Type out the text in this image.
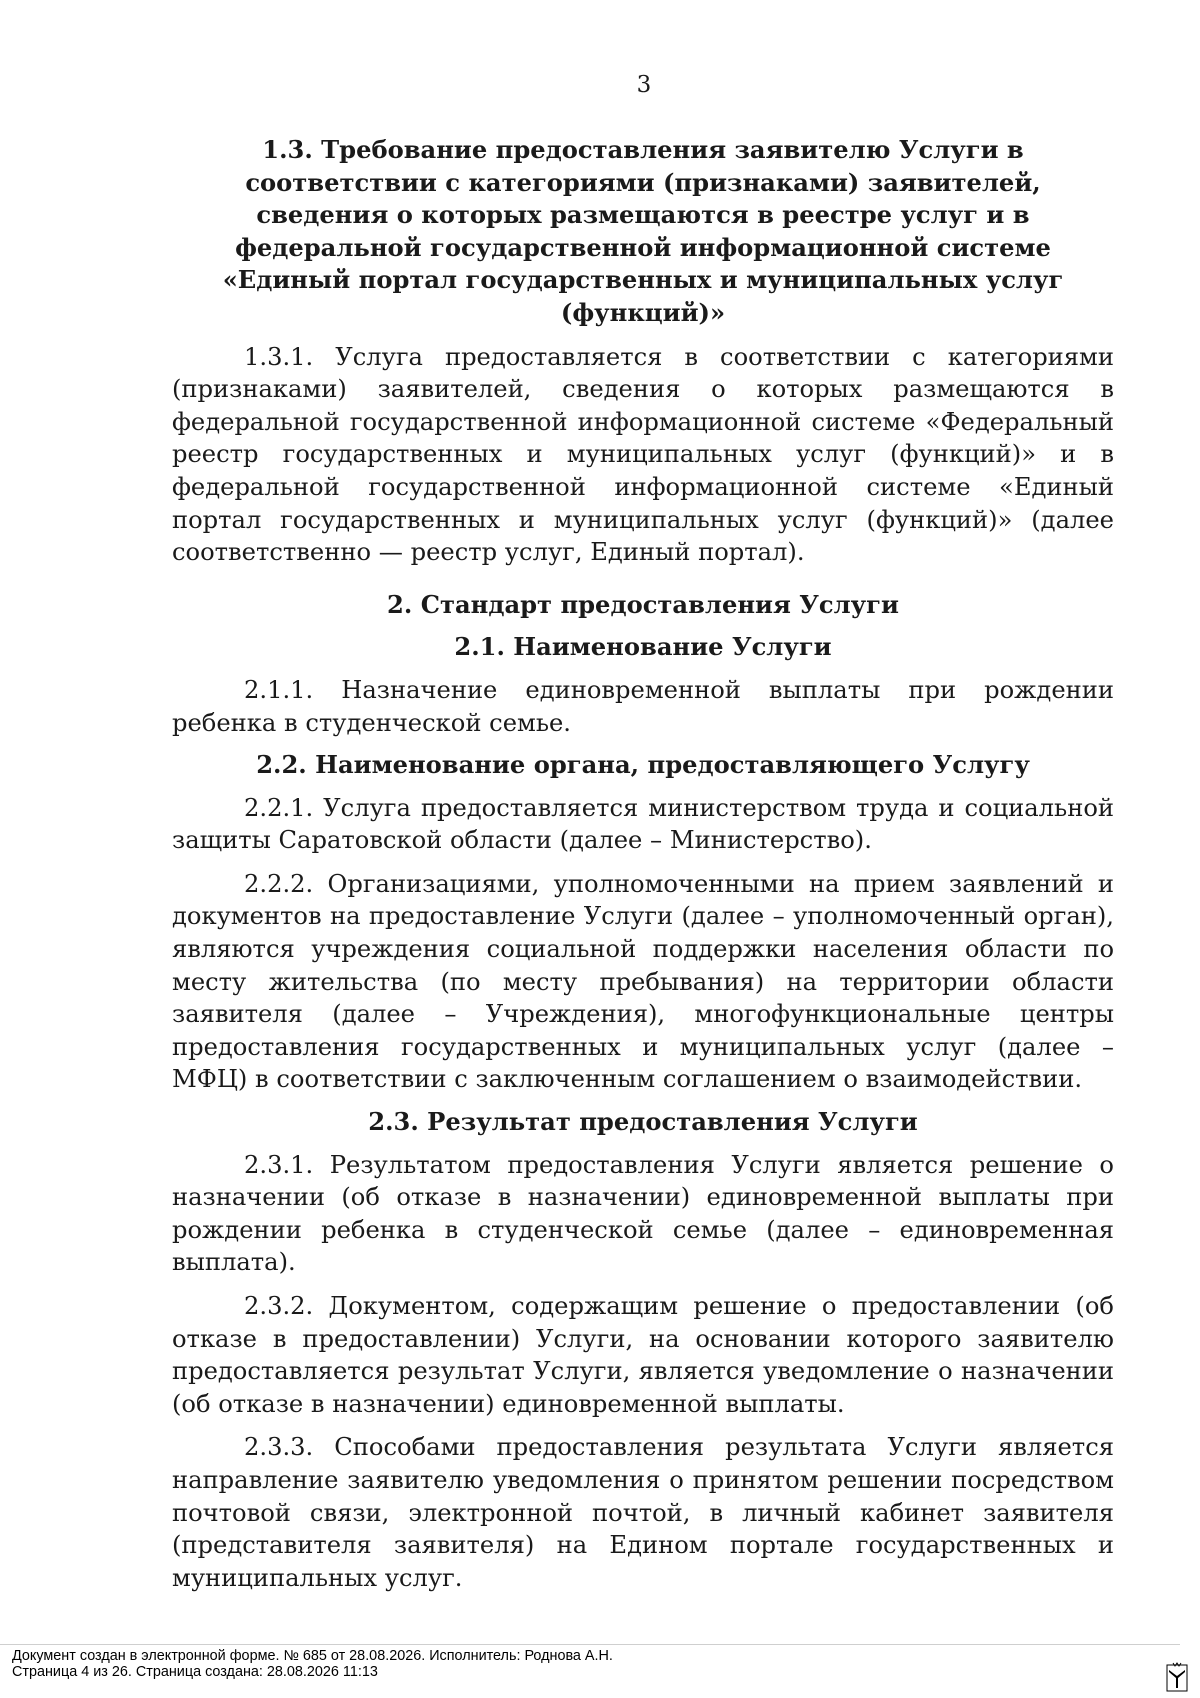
3

1.3. Требование предоставления заявителю Услуги в соответствии с категориями (признаками) заявителей, сведения о которых размещаются в реестре услуг и в федеральной государственной информационной системе «Единый портал государственных и муниципальных услуг (функций)»

1.3.1. Услуга предоставляется в соответствии с категориями (признаками) заявителей, сведения о которых размещаются в федеральной государственной информационной системе «Федеральный реестр государственных и муниципальных услуг (функций)» и в федеральной государственной информационной системе «Единый портал государственных и муниципальных услуг (функций)» (далее соответственно — реестр услуг, Единый портал).

2. Стандарт предоставления Услуги

2.1. Наименование Услуги

2.1.1. Назначение единовременной выплаты при рождении ребенка в студенческой семье.

2.2. Наименование органа, предоставляющего Услугу

2.2.1. Услуга предоставляется министерством труда и социальной защиты Саратовской области (далее – Министерство).

2.2.2. Организациями, уполномоченными на прием заявлений и документов на предоставление Услуги (далее – уполномоченный орган), являются учреждения социальной поддержки населения области по месту жительства (по месту пребывания) на территории области заявителя (далее – Учреждения), многофункциональные центры предоставления государственных и муниципальных услуг (далее – МФЦ) в соответствии с заключенным соглашением о взаимодействии.

2.3. Результат предоставления Услуги

2.3.1. Результатом предоставления Услуги является решение о назначении (об отказе в назначении) единовременной выплаты при рождении ребенка в студенческой семье (далее – единовременная выплата).

2.3.2. Документом, содержащим решение о предоставлении (об отказе в предоставлении) Услуги, на основании которого заявителю предоставляется результат Услуги, является уведомление о назначении (об отказе в назначении) единовременной выплаты.

2.3.3. Способами предоставления результата Услуги является направление заявителю уведомления о принятом решении посредством почтовой связи, электронной почтой, в личный кабинет заявителя (представителя заявителя) на Едином портале государственных и муниципальных услуг.

Документ создан в электронной форме. № 685 от 28.08.2026. Исполнитель: Роднова А.Н.
Страница 4 из 26. Страница создана: 28.08.2026 11:13
